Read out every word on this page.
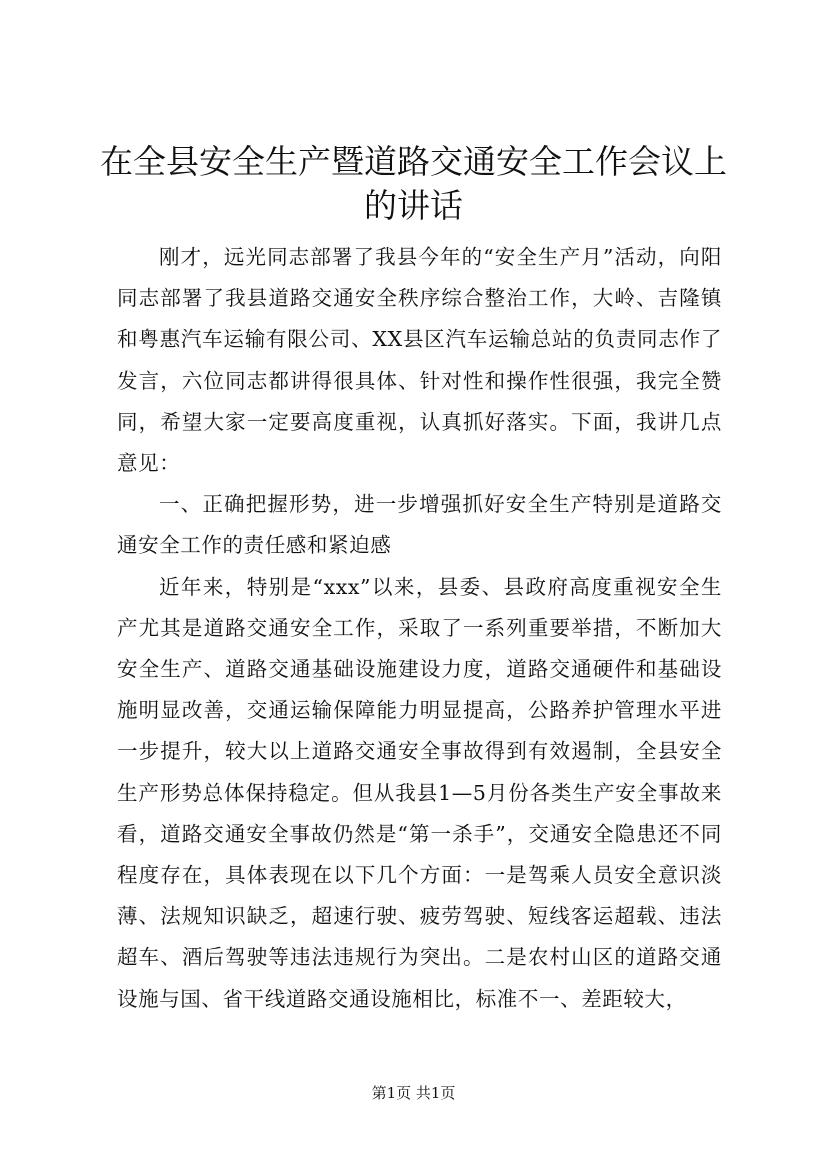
在全县安全生产暨道路交通安全工作会议上的讲话

刚才，远光同志部署了我县今年的“安全生产月”活动，向阳同志部署了我县道路交通安全秩序综合整治工作，大岭、吉隆镇和粤惠汽车运输有限公司、XX县区汽车运输总站的负责同志作了发言，六位同志都讲得很具体、针对性和操作性很强，我完全赞同，希望大家一定要高度重视，认真抓好落实。下面，我讲几点意见：

一、正确把握形势，进一步增强抓好安全生产特别是道路交通安全工作的责任感和紧迫感

近年来，特别是“xxx”以来，县委、县政府高度重视安全生产尤其是道路交通安全工作，采取了一系列重要举措，不断加大安全生产、道路交通基础设施建设力度，道路交通硬件和基础设施明显改善，交通运输保障能力明显提高，公路养护管理水平进一步提升，较大以上道路交通安全事故得到有效遏制，全县安全生产形势总体保持稳定。但从我县1—5月份各类生产安全事故来看，道路交通安全事故仍然是“第一杀手”，交通安全隐患还不同程度存在，具体表现在以下几个方面：一是驾乘人员安全意识淡薄、法规知识缺乏，超速行驶、疲劳驾驶、短线客运超载、违法超车、酒后驾驶等违法违规行为突出。二是农村山区的道路交通设施与国、省干线道路交通设施相比，标准不一、差距较大，

第1页 共1页
